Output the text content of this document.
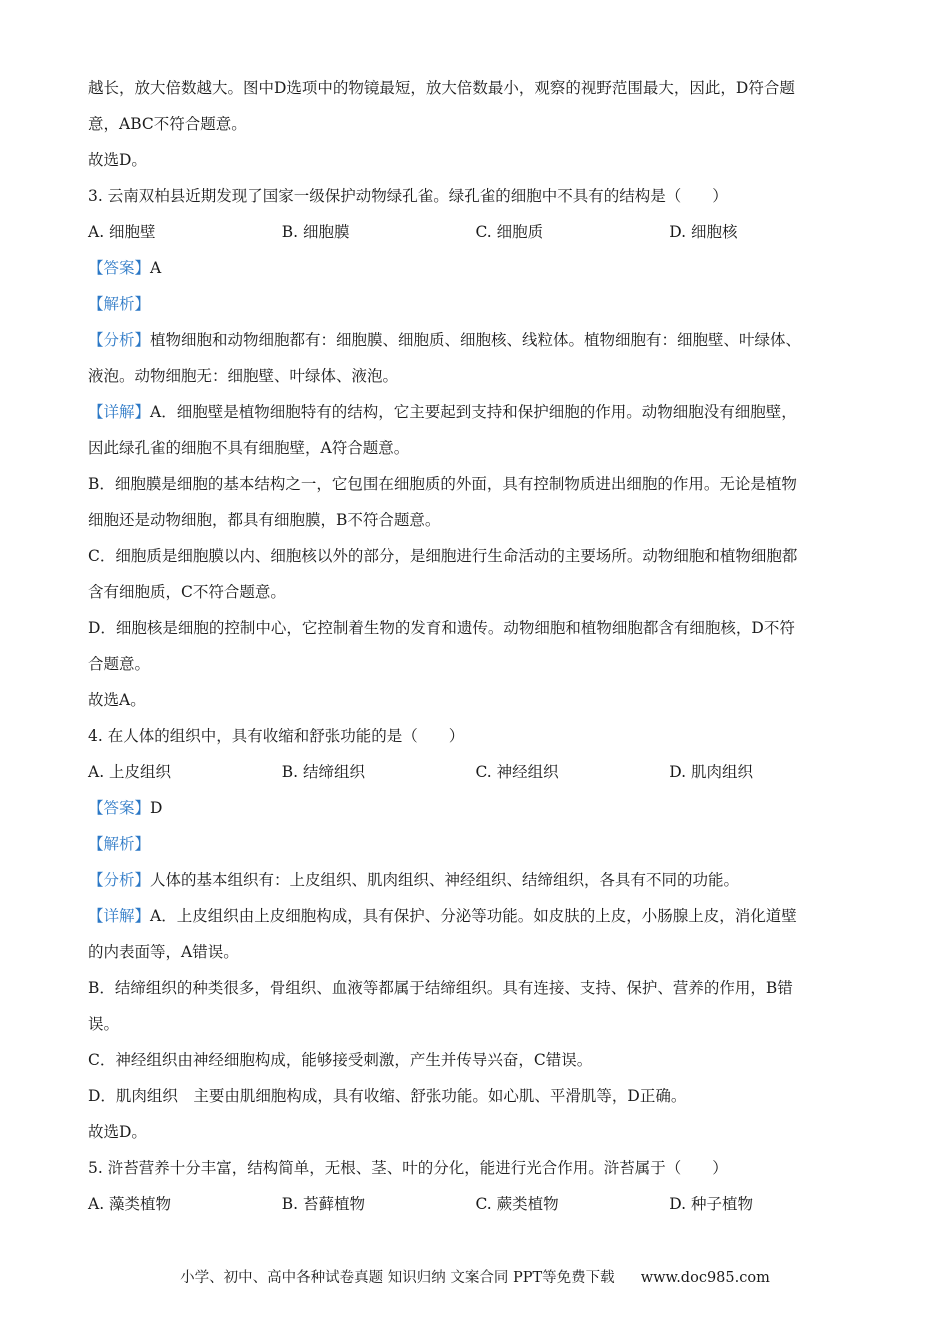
越长，放大倍数越大。图中D选项中的物镜最短，放大倍数最小，观察的视野范围最大，因此，D符合题
意，ABC不符合题意。
故选D。
3. 云南双柏县近期发现了国家一级保护动物绿孔雀。绿孔雀的细胞中不具有的结构是（　　）
A. 细胞壁	B. 细胞膜	C. 细胞质	D. 细胞核
【答案】A
【解析】
【分析】植物细胞和动物细胞都有：细胞膜、细胞质、细胞核、线粒体。植物细胞有：细胞壁、叶绿体、
液泡。动物细胞无：细胞壁、叶绿体、液泡。
【详解】A．细胞壁是植物细胞特有的结构，它主要起到支持和保护细胞的作用。动物细胞没有细胞壁，
因此绿孔雀的细胞不具有细胞壁，A符合题意。
B．细胞膜是细胞的基本结构之一，它包围在细胞质的外面，具有控制物质进出细胞的作用。无论是植物
细胞还是动物细胞，都具有细胞膜，B不符合题意。
C．细胞质是细胞膜以内、细胞核以外的部分，是细胞进行生命活动的主要场所。动物细胞和植物细胞都
含有细胞质，C不符合题意。
D．细胞核是细胞的控制中心，它控制着生物的发育和遗传。动物细胞和植物细胞都含有细胞核，D不符
合题意。
故选A。
4. 在人体的组织中，具有收缩和舒张功能的是（　　）
A. 上皮组织	B. 结缔组织	C. 神经组织	D. 肌肉组织
【答案】D
【解析】
【分析】人体的基本组织有：上皮组织、肌肉组织、神经组织、结缔组织，各具有不同的功能。
【详解】A．上皮组织由上皮细胞构成，具有保护、分泌等功能。如皮肤的上皮，小肠腺上皮，消化道壁
的内表面等，A错误。
B．结缔组织的种类很多，骨组织、血液等都属于结缔组织。具有连接、支持、保护、营养的作用，B错
误。
C．神经组织由神经细胞构成，能够接受刺激，产生并传导兴奋，C错误。
D．肌肉组织　主要由肌细胞构成，具有收缩、舒张功能。如心肌、平滑肌等，D正确。
故选D。
5. 浒苔营养十分丰富，结构简单，无根、茎、叶的分化，能进行光合作用。浒苔属于（　　）
A. 藻类植物	B. 苔藓植物	C. 蕨类植物	D. 种子植物
小学、初中、高中各种试卷真题 知识归纳 文案合同 PPT等免费下载 www.doc985.com
